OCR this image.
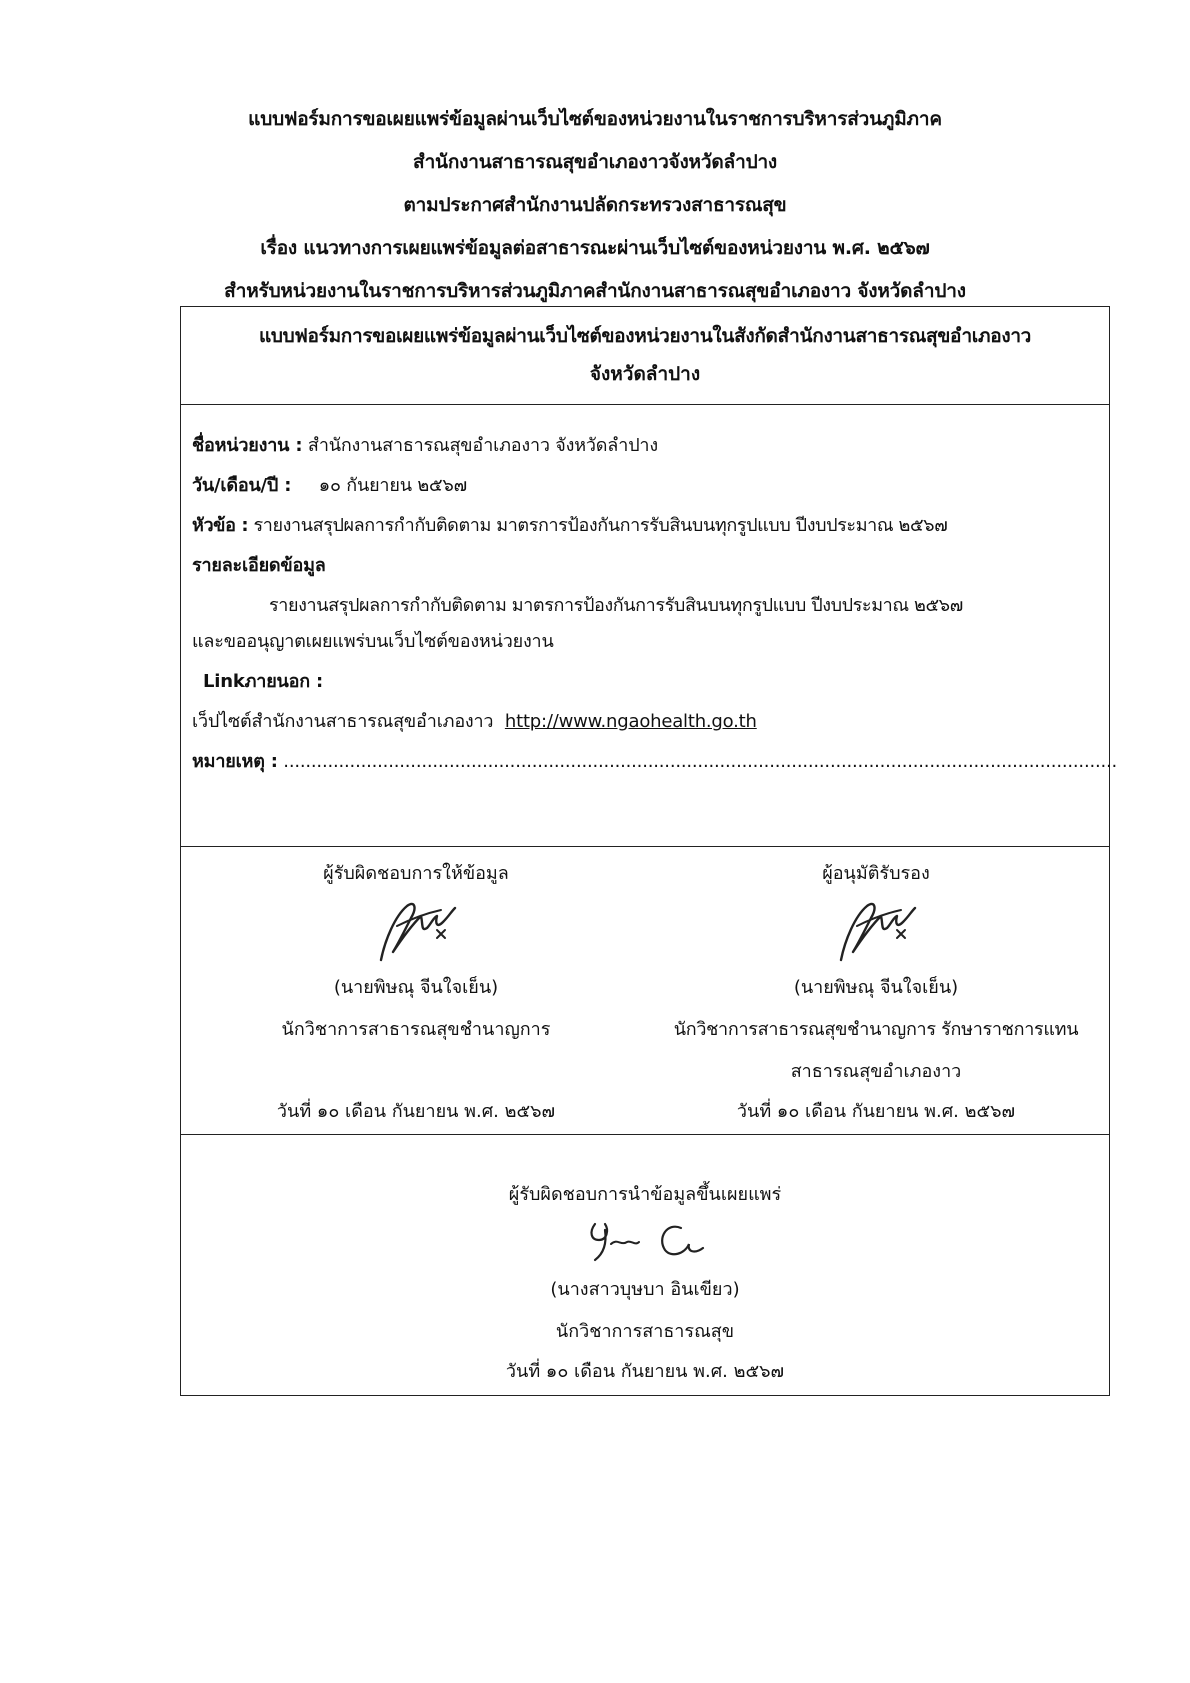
แบบฟอร์มการขอเผยแพร่ข้อมูลผ่านเว็บไซต์ของหน่วยงานในราชการบริหารส่วนภูมิภาค
สำนักงานสาธารณสุขอำเภองาวจังหวัดลำปาง
ตามประกาศสำนักงานปลัดกระทรวงสาธารณสุข
เรื่อง แนวทางการเผยแพร่ข้อมูลต่อสาธารณะผ่านเว็บไซต์ของหน่วยงาน พ.ศ. ๒๕๖๗
สำหรับหน่วยงานในราชการบริหารส่วนภูมิภาคสำนักงานสาธารณสุขอำเภองาว จังหวัดลำปาง
แบบฟอร์มการขอเผยแพร่ข้อมูลผ่านเว็บไซต์ของหน่วยงานในสังกัดสำนักงานสาธารณสุขอำเภองาว
จังหวัดลำปาง
ชื่อหน่วยงาน : สำนักงานสาธารณสุขอำเภองาว จังหวัดลำปาง
วัน/เดือน/ปี : ๑๐ กันยายน ๒๕๖๗
หัวข้อ : รายงานสรุปผลการกำกับติดตาม มาตรการป้องกันการรับสินบนทุกรูปแบบ ปีงบประมาณ ๒๕๖๗
รายละเอียดข้อมูล
รายงานสรุปผลการกำกับติดตาม มาตรการป้องกันการรับสินบนทุกรูปแบบ ปีงบประมาณ ๒๕๖๗
และขออนุญาตเผยแพร่บนเว็บไซต์ของหน่วยงาน
Linkภายนอก :
เว็ปไซต์สำนักงานสาธารณสุขอำเภองาว http://www.ngaohealth.go.th
หมายเหตุ : .......................................................................................................................................................
ผู้รับผิดชอบการให้ข้อมูล
(นายพิษณุ จีนใจเย็น)
นักวิชาการสาธารณสุขชำนาญการ
วันที่ ๑๐ เดือน กันยายน พ.ศ. ๒๕๖๗
ผู้อนุมัติรับรอง
(นายพิษณุ จีนใจเย็น)
นักวิชาการสาธารณสุขชำนาญการ รักษาราชการแทน
สาธารณสุขอำเภองาว
วันที่ ๑๐ เดือน กันยายน พ.ศ. ๒๕๖๗
ผู้รับผิดชอบการนำข้อมูลขึ้นเผยแพร่
(นางสาวบุษบา อินเขียว)
นักวิชาการสาธารณสุข
วันที่ ๑๐ เดือน กันยายน พ.ศ. ๒๕๖๗
